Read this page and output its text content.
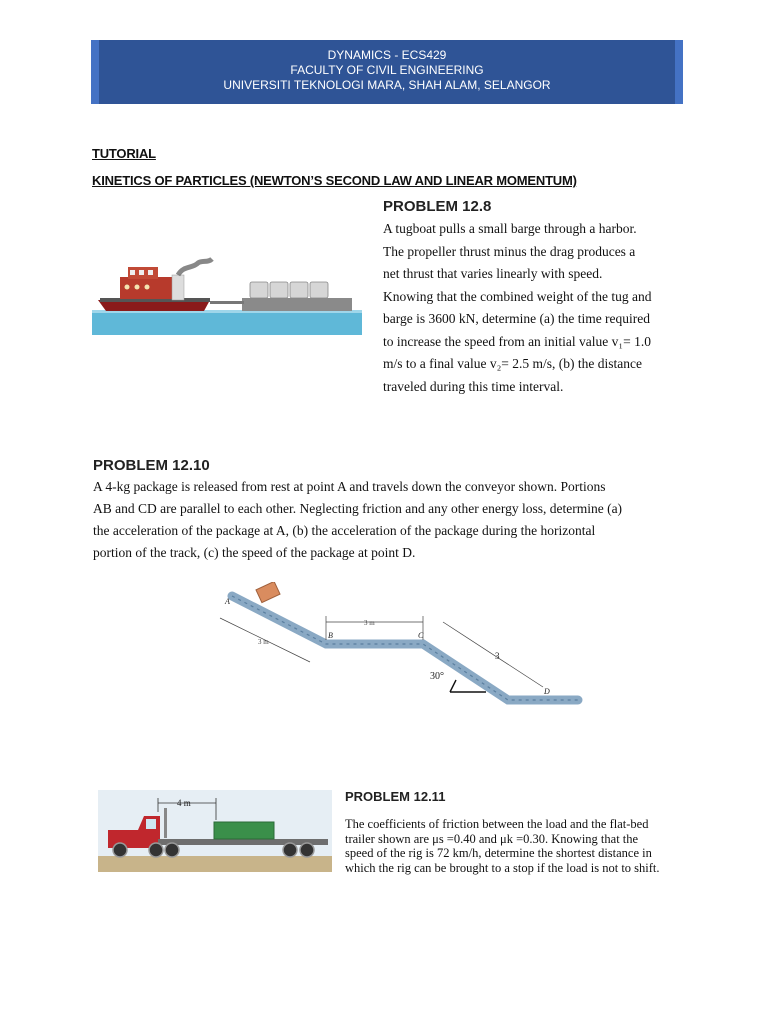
DYNAMICS - ECS429
FACULTY OF CIVIL ENGINEERING
UNIVERSITI TEKNOLOGI MARA, SHAH ALAM, SELANGOR
TUTORIAL
KINETICS OF PARTICLES (NEWTON’S SECOND LAW AND LINEAR MOMENTUM)
PROBLEM 12.8

A tugboat pulls a small barge through a harbor.

The propeller thrust minus the drag produces a

net thrust that varies linearly with speed.

Knowing that the combined weight of the tug and

barge is 3600 kN, determine (a) the time required

to increase the speed from an initial value v₁= 1.0

m/s to a final value v₂= 2.5 m/s, (b) the distance

traveled during this time interval.

PROBLEM 12.10

A 4-kg package is released from rest at point A and travels down the conveyor shown. Portions

AB and CD are parallel to each other. Neglecting friction and any other energy loss, determine (a)

the acceleration of the package at A, (b) the acceleration of the package during the horizontal

portion of the track, (c) the speed of the package at point D.

A
B	C
D
3 m
3 m
3
30°
PROBLEM 12.11

The coefficients of friction between the load and the flat-bed

trailer shown are μs =0.40 and μk =0.30. Knowing that the

speed of the rig is 72 km/h, determine the shortest distance in

which the rig can be brought to a stop if the load is not to shift.

4 m
